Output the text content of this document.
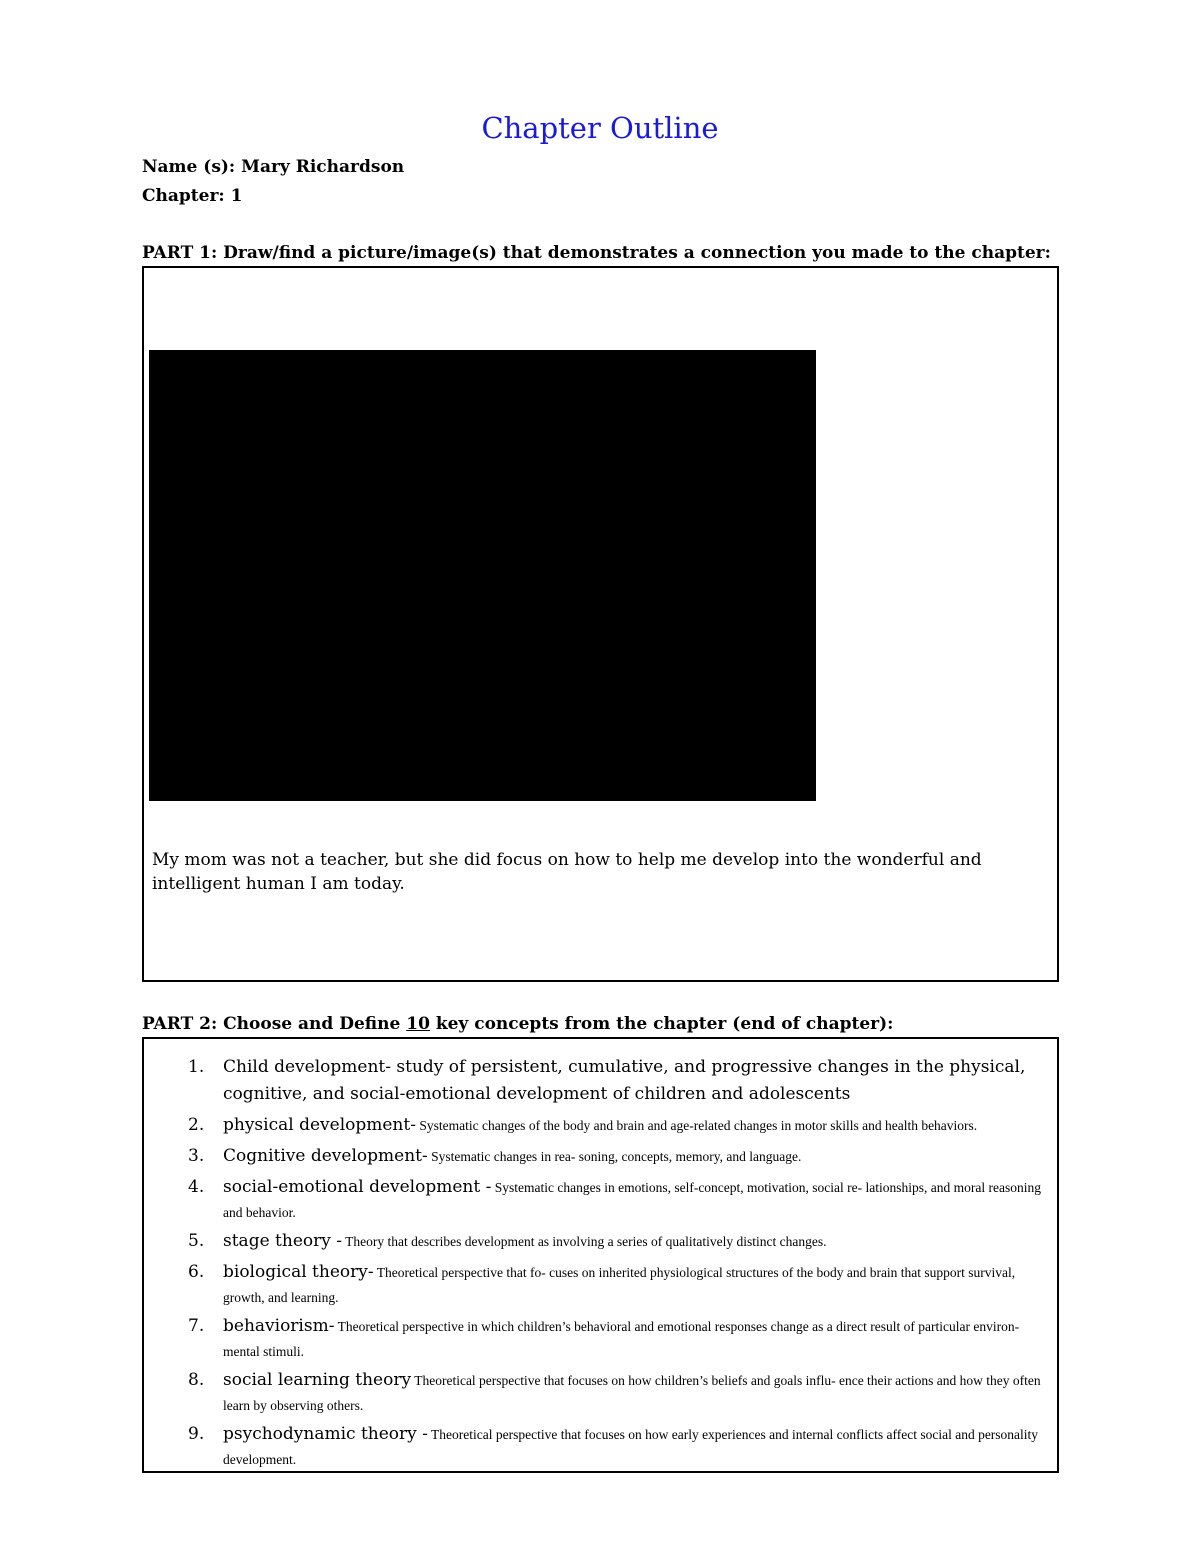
Chapter Outline
Name (s): Mary Richardson
Chapter: 1
PART 1: Draw/find a picture/image(s) that demonstrates a connection you made to the chapter:
My mom was not a teacher, but she did focus on how to help me develop into the wonderful and intelligent human I am today.
PART 2: Choose and Define 10 key concepts from the chapter (end of chapter):
1. Child development- study of persistent, cumulative, and progressive changes in the physical, cognitive, and social-emotional development of children and adolescents
2. physical development- Systematic changes of the body and brain and age-related changes in motor skills and health behaviors.
3. Cognitive development- Systematic changes in rea- soning, concepts, memory, and language.
4. social-emotional development - Systematic changes in emotions, self-concept, motivation, social re- lationships, and moral reasoning and behavior.
5. stage theory - Theory that describes development as involving a series of qualitatively distinct changes.
6. biological theory- Theoretical perspective that fo- cuses on inherited physiological structures of the body and brain that support survival, growth, and learning.
7. behaviorism- Theoretical perspective in which children’s behavioral and emotional responses change as a direct result of particular environ- mental stimuli.
8. social learning theory Theoretical perspective that focuses on how children’s beliefs and goals influ- ence their actions and how they often learn by observing others.
9. psychodynamic theory - Theoretical perspective that focuses on how early experiences and internal conflicts affect social and personality development.
